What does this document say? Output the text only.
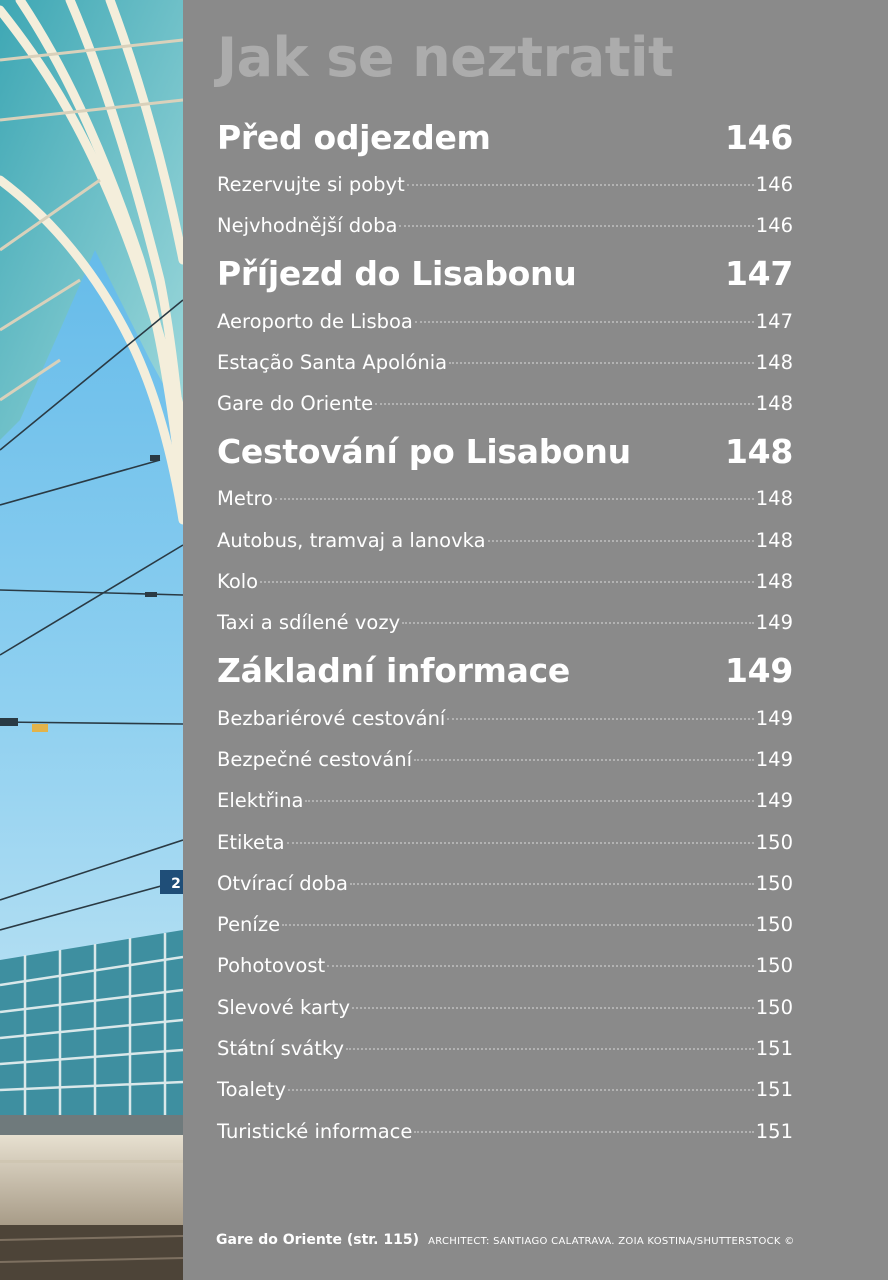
2
Jak se neztratit
Před odjezdem	146
Rezervujte si pobyt	146
Nejvhodnější doba	146
Příjezd do Lisabonu	147
Aeroporto de Lisboa	147
Estação Santa Apolónia	148
Gare do Oriente	148
Cestování po Lisabonu	148
Metro	148
Autobus, tramvaj a lanovka	148
Kolo	148
Taxi a sdílené vozy	149
Základní informace	149
Bezbariérové cestování	149
Bezpečné cestování	149
Elektřina	149
Etiketa	150
Otvírací doba	150
Peníze	150
Pohotovost	150
Slevové karty	150
Státní svátky	151
Toalety	151
Turistické informace	151
Gare do Oriente (str. 115) ARCHITECT: SANTIAGO CALATRAVA. ZOIA KOSTINA/SHUTTERSTOCK ©
